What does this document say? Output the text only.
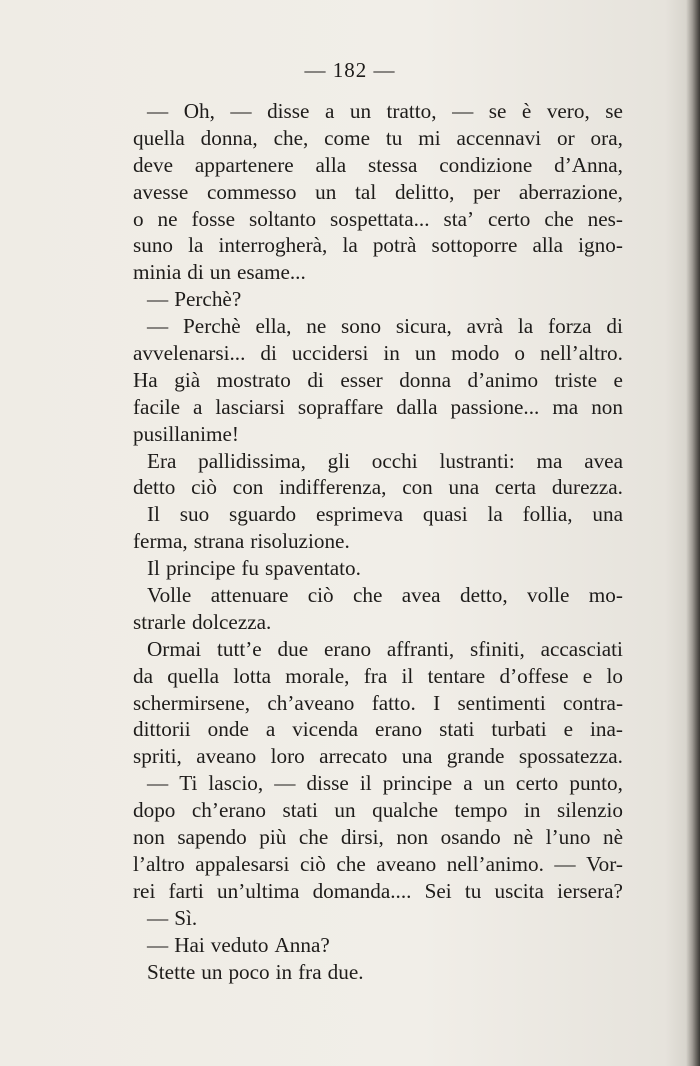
— 182 —
— Oh, — disse a un tratto, — se è vero, se
quella donna, che, come tu mi accennavi or ora,
deve appartenere alla stessa condizione d’Anna,
avesse commesso un tal delitto, per aberrazione,
o ne fosse soltanto sospettata... sta’ certo che nes-
suno la interrogherà, la potrà sottoporre alla igno-
minia di un esame...
— Perchè?
— Perchè ella, ne sono sicura, avrà la forza di
avvelenarsi... di uccidersi in un modo o nell’altro.
Ha già mostrato di esser donna d’animo triste e
facile a lasciarsi sopraffare dalla passione... ma non
pusillanime!
Era pallidissima, gli occhi lustranti: ma avea
detto ciò con indifferenza, con una certa durezza.
Il suo sguardo esprimeva quasi la follia, una
ferma, strana risoluzione.
Il principe fu spaventato.
Volle attenuare ciò che avea detto, volle mo-
strarle dolcezza.
Ormai tutt’e due erano affranti, sfiniti, accasciati
da quella lotta morale, fra il tentare d’offese e lo
schermirsene, ch’aveano fatto. I sentimenti contra-
dittorii onde a vicenda erano stati turbati e ina-
spriti, aveano loro arrecato una grande spossatezza.
— Ti lascio, — disse il principe a un certo punto,
dopo ch’erano stati un qualche tempo in silenzio
non sapendo più che dirsi, non osando nè l’uno nè
l’altro appalesarsi ciò che aveano nell’animo. — Vor-
rei farti un’ultima domanda.... Sei tu uscita iersera?
— Sì.
— Hai veduto Anna?
Stette un poco in fra due.
